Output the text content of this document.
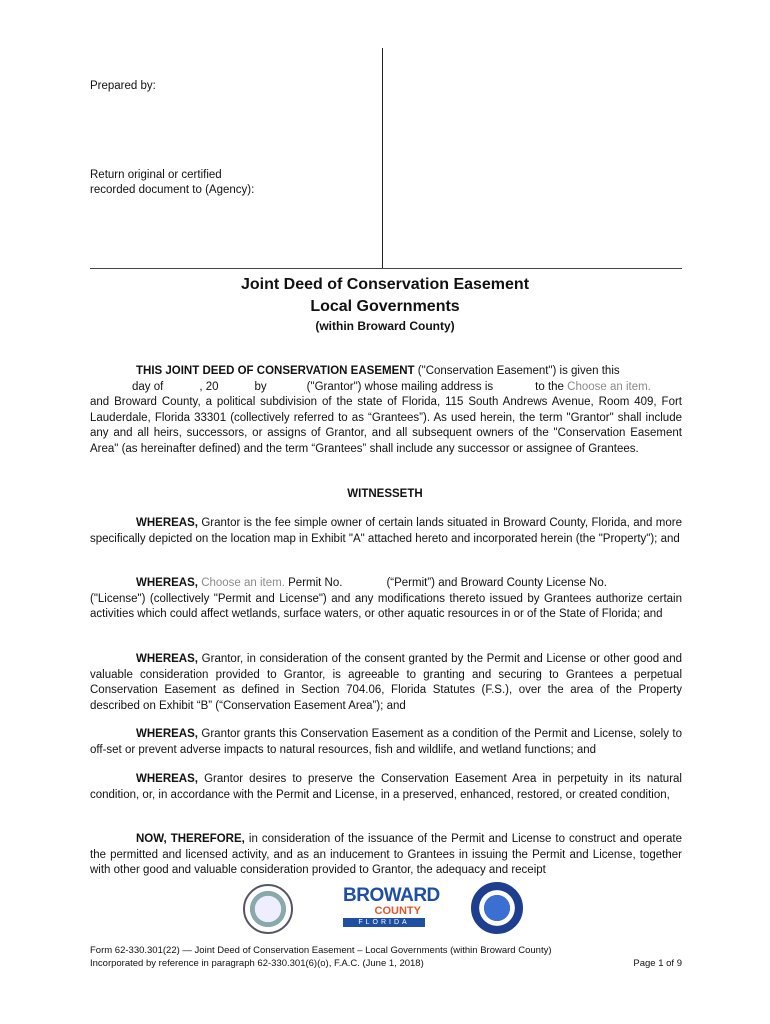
Prepared by:
Return original or certified
recorded document to (Agency):
Joint Deed of Conservation Easement
Local Governments
(within Broward County)

THIS JOINT DEED OF CONSERVATION EASEMENT ("Conservation Easement") is given this
day of	, 20	by	("Grantor") whose mailing address is	to the Choose an item.
and Broward County, a political subdivision of the state of Florida, 115 South Andrews Avenue, Room 409, Fort Lauderdale, Florida 33301 (collectively referred to as “Grantees”). As used herein, the term "Grantor" shall include any and all heirs, successors, or assigns of Grantor, and all subsequent owners of the "Conservation Easement Area" (as hereinafter defined) and the term “Grantees” shall include any successor or assignee of Grantees.

WITNESSETH

WHEREAS, Grantor is the fee simple owner of certain lands situated in Broward County, Florida, and more specifically depicted on the location map in Exhibit "A" attached hereto and incorporated herein (the "Property"); and

WHEREAS, Choose an item. Permit No.	(“Permit”) and Broward County License No.
("License") (collectively "Permit and License") and any modifications thereto issued by Grantees authorize certain activities which could affect wetlands, surface waters, or other aquatic resources in or of the State of Florida; and

WHEREAS, Grantor, in consideration of the consent granted by the Permit and License or other good and valuable consideration provided to Grantor, is agreeable to granting and securing to Grantees a perpetual Conservation Easement as defined in Section 704.06, Florida Statutes (F.S.), over the area of the Property described on Exhibit “B” (“Conservation Easement Area”); and

WHEREAS, Grantor grants this Conservation Easement as a condition of the Permit and License, solely to off-set or prevent adverse impacts to natural resources, fish and wildlife, and wetland functions; and

WHEREAS, Grantor desires to preserve the Conservation Easement Area in perpetuity in its natural condition, or, in accordance with the Permit and License, in a preserved, enhanced, restored, or created condition,

NOW, THEREFORE, in consideration of the issuance of the Permit and License to construct and operate the permitted and licensed activity, and as an inducement to Grantees in issuing the Permit and License, together with other good and valuable consideration provided to Grantor, the adequacy and receipt

BROWARD
COUNTY
FLORIDA
Form 62-330.301(22) — Joint Deed of Conservation Easement – Local Governments (within Broward County)
Incorporated by reference in paragraph 62-330.301(6)(o), F.A.C. (June 1, 2018)	Page 1 of 9
